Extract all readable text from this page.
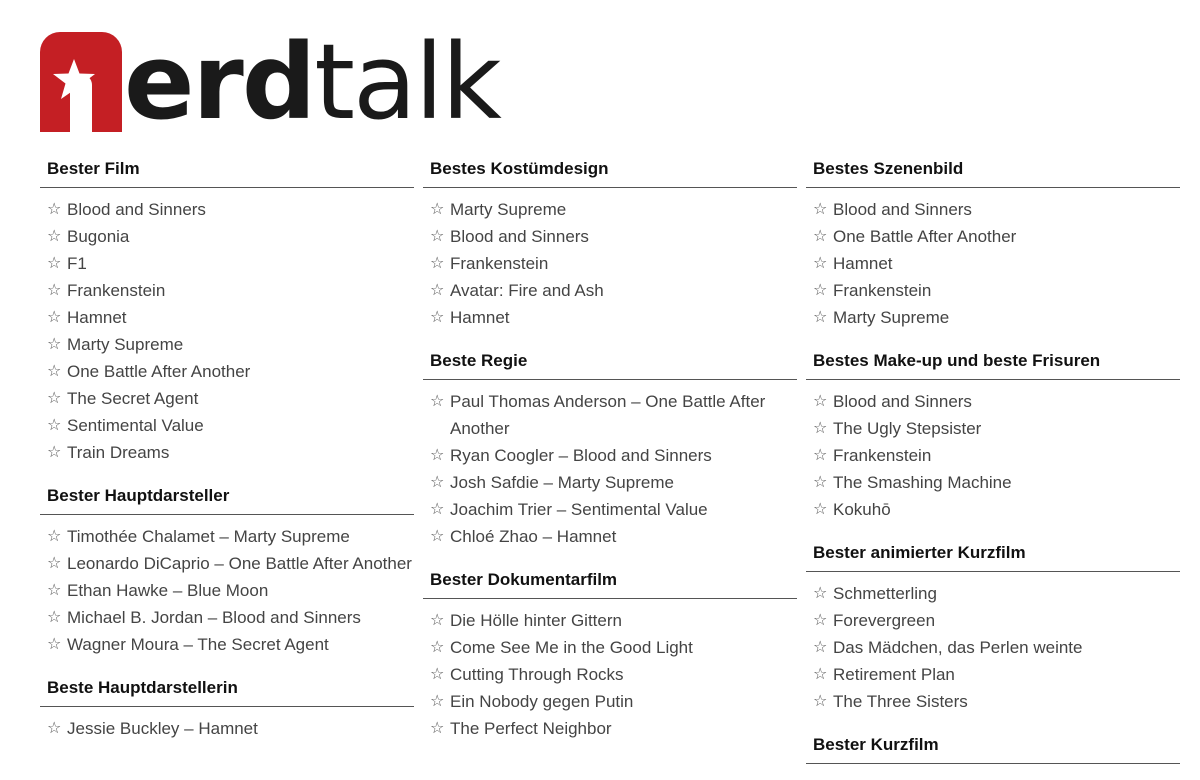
erdtalk
Bester Film
☆ Blood and Sinners
☆ Bugonia
☆ F1
☆ Frankenstein
☆ Hamnet
☆ Marty Supreme
☆ One Battle After Another
☆ The Secret Agent
☆ Sentimental Value
☆ Train Dreams
Bester Hauptdarsteller
☆ Timothée Chalamet – Marty Supreme
☆ Leonardo DiCaprio – One Battle After Another
☆ Ethan Hawke – Blue Moon
☆ Michael B. Jordan – Blood and Sinners
☆ Wagner Moura – The Secret Agent
Beste Hauptdarstellerin
☆ Jessie Buckley – Hamnet
Bestes Kostümdesign
☆ Marty Supreme
☆ Blood and Sinners
☆ Frankenstein
☆ Avatar: Fire and Ash
☆ Hamnet
Beste Regie
☆ Paul Thomas Anderson – One Battle After Another
☆ Ryan Coogler – Blood and Sinners
☆ Josh Safdie – Marty Supreme
☆ Joachim Trier – Sentimental Value
☆ Chloé Zhao – Hamnet
Bester Dokumentarfilm
☆ Die Hölle hinter Gittern
☆ Come See Me in the Good Light
☆ Cutting Through Rocks
☆ Ein Nobody gegen Putin
☆ The Perfect Neighbor
Bestes Szenenbild
☆ Blood and Sinners
☆ One Battle After Another
☆ Hamnet
☆ Frankenstein
☆ Marty Supreme
Bestes Make-up und beste Frisuren
☆ Blood and Sinners
☆ The Ugly Stepsister
☆ Frankenstein
☆ The Smashing Machine
☆ Kokuhō
Bester animierter Kurzfilm
☆ Schmetterling
☆ Forevergreen
☆ Das Mädchen, das Perlen weinte
☆ Retirement Plan
☆ The Three Sisters
Bester Kurzfilm
